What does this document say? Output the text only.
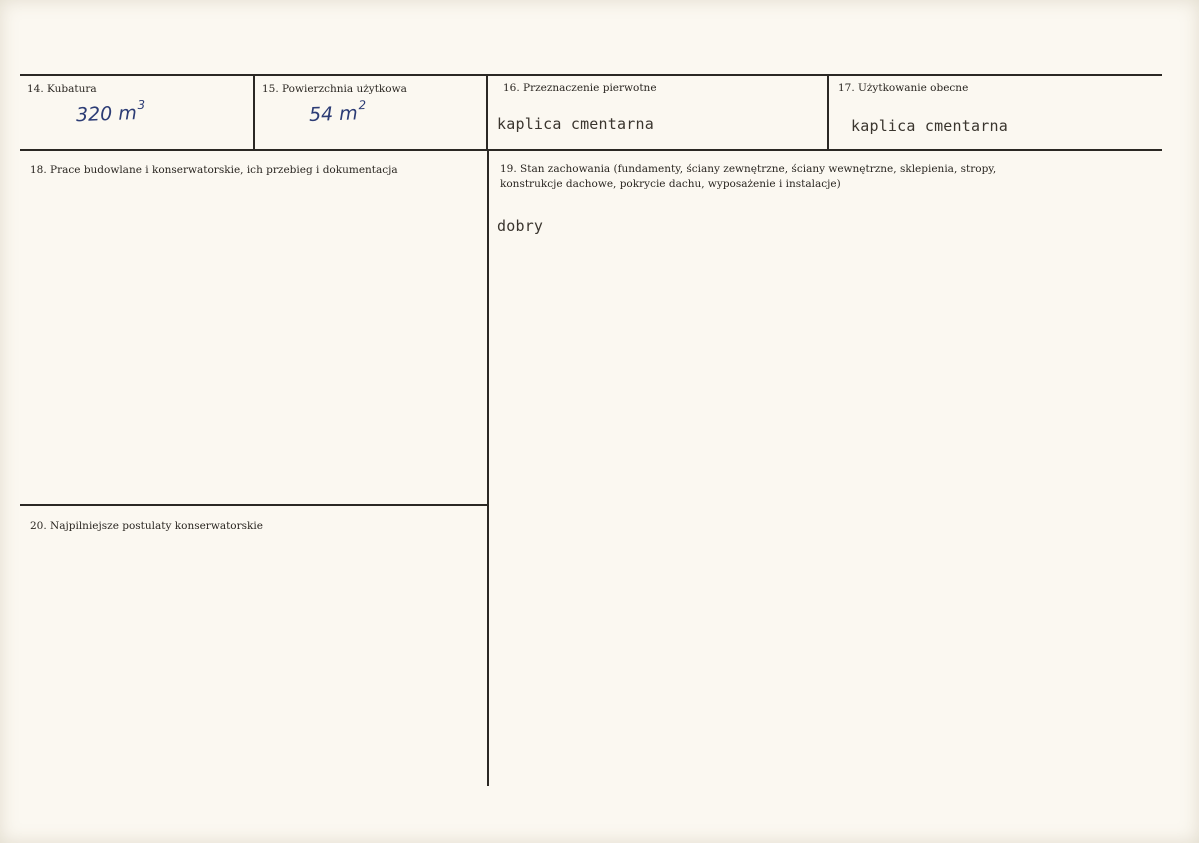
14. Kubatura
320 $m^3$
15. Powierzchnia użytkowa
54 $m^2$
16. Przeznaczenie pierwotne
kaplica cmentarna
17. Użytkowanie obecne
kaplica cmentarna
18. Prace budowlane i konserwatorskie, ich przebieg i dokumentacja	19. Stan zachowania (fundamenty, ściany zewnętrzne, ściany wewnętrzne, sklepienia, stropy,
konstrukcje dachowe, pokrycie dachu, wyposażenie i instalacje)
dobry
20. Najpilniejsze postulaty konserwatorskie
